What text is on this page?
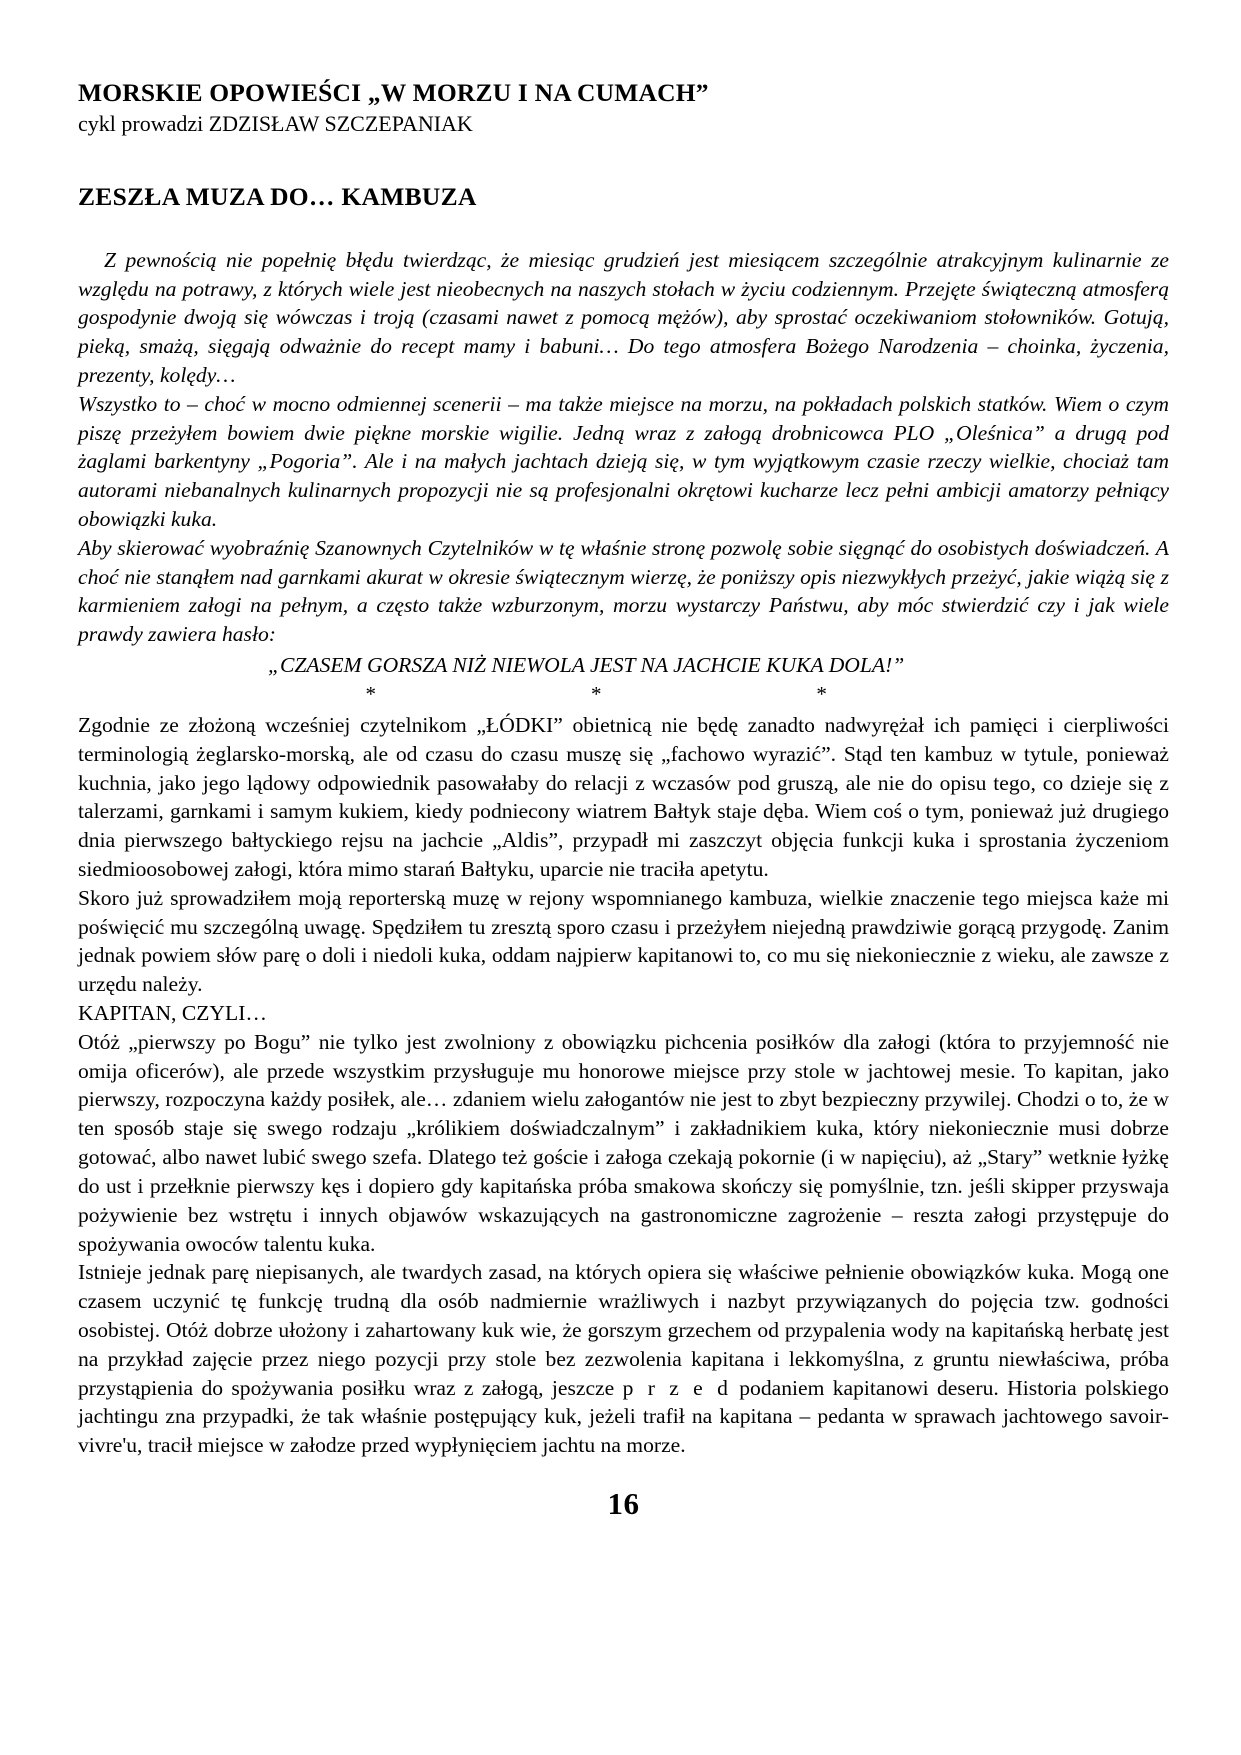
MORSKIE OPOWIEŚCI „W MORZU I NA CUMACH”
cykl prowadzi ZDZISŁAW SZCZEPANIAK
ZESZŁA MUZA DO… KAMBUZA

Z pewnością nie popełnię błędu twierdząc, że miesiąc grudzień jest miesiącem szczególnie atrakcyjnym kulinarnie ze względu na potrawy, z których wiele jest nieobecnych na naszych stołach w życiu codziennym. Przejęte świąteczną atmosferą gospodynie dwoją się wówczas i troją (czasami nawet z pomocą mężów), aby sprostać oczekiwaniom stołowników. Gotują, pieką, smażą, sięgają odważnie do recept mamy i babuni… Do tego atmosfera Bożego Narodzenia – choinka, życzenia, prezenty, kolędy…

Wszystko to – choć w mocno odmiennej scenerii – ma także miejsce na morzu, na pokładach polskich statków. Wiem o czym piszę przeżyłem bowiem dwie piękne morskie wigilie. Jedną wraz z załogą drobnicowca PLO „Oleśnica” a drugą pod żaglami barkentyny „Pogoria”. Ale i na małych jachtach dzieją się, w tym wyjątkowym czasie rzeczy wielkie, chociaż tam autorami niebanalnych kulinarnych propozycji nie są profesjonalni okrętowi kucharze lecz pełni ambicji amatorzy pełniący obowiązki kuka.

Aby skierować wyobraźnię Szanownych Czytelników w tę właśnie stronę pozwolę sobie sięgnąć do osobistych doświadczeń. A choć nie stanąłem nad garnkami akurat w okresie świątecznym wierzę, że poniższy opis niezwykłych przeżyć, jakie wiążą się z karmieniem załogi na pełnym, a często także wzburzonym, morzu wystarczy Państwu, aby móc stwierdzić czy i jak wiele prawdy zawiera hasło:

„CZASEM GORSZA NIŻ NIEWOLA JEST NA JACHCIE KUKA DOLA!”

*	*	*

Zgodnie ze złożoną wcześniej czytelnikom „ŁÓDKI” obietnicą nie będę zanadto nadwyrężał ich pamięci i cierpliwości terminologią żeglarsko-morską, ale od czasu do czasu muszę się „fachowo wyrazić”. Stąd ten kambuz w tytule, ponieważ kuchnia, jako jego lądowy odpowiednik pasowałaby do relacji z wczasów pod gruszą, ale nie do opisu tego, co dzieje się z talerzami, garnkami i samym kukiem, kiedy podniecony wiatrem Bałtyk staje dęba. Wiem coś o tym, ponieważ już drugiego dnia pierwszego bałtyckiego rejsu na jachcie „Aldis”, przypadł mi zaszczyt objęcia funkcji kuka i sprostania życzeniom siedmioosobowej załogi, która mimo starań Bałtyku, uparcie nie traciła apetytu.

Skoro już sprowadziłem moją reporterską muzę w rejony wspomnianego kambuza, wielkie znaczenie tego miejsca każe mi poświęcić mu szczególną uwagę. Spędziłem tu zresztą sporo czasu i przeżyłem niejedną prawdziwie gorącą przygodę. Zanim jednak powiem słów parę o doli i niedoli kuka, oddam najpierw kapitanowi to, co mu się niekoniecznie z wieku, ale zawsze z urzędu należy.

KAPITAN, CZYLI…

Otóż „pierwszy po Bogu” nie tylko jest zwolniony z obowiązku pichcenia posiłków dla załogi (która to przyjemność nie omija oficerów), ale przede wszystkim przysługuje mu honorowe miejsce przy stole w jachtowej mesie. To kapitan, jako pierwszy, rozpoczyna każdy posiłek, ale… zdaniem wielu załogantów nie jest to zbyt bezpieczny przywilej. Chodzi o to, że w ten sposób staje się swego rodzaju „królikiem doświadczalnym” i zakładnikiem kuka, który niekoniecznie musi dobrze gotować, albo nawet lubić swego szefa. Dlatego też goście i załoga czekają pokornie (i w napięciu), aż „Stary” wetknie łyżkę do ust i przełknie pierwszy kęs i dopiero gdy kapitańska próba smakowa skończy się pomyślnie, tzn. jeśli skipper przyswaja pożywienie bez wstrętu i innych objawów wskazujących na gastronomiczne zagrożenie – reszta załogi przystępuje do spożywania owoców talentu kuka.

Istnieje jednak parę niepisanych, ale twardych zasad, na których opiera się właściwe pełnienie obowiązków kuka. Mogą one czasem uczynić tę funkcję trudną dla osób nadmiernie wrażliwych i nazbyt przywiązanych do pojęcia tzw. godności osobistej. Otóż dobrze ułożony i zahartowany kuk wie, że gorszym grzechem od przypalenia wody na kapitańską herbatę jest na przykład zajęcie przez niego pozycji przy stole bez zezwolenia kapitana i lekkomyślna, z gruntu niewłaściwa, próba przystąpienia do spożywania posiłku wraz z załogą, jeszcze p r z e d podaniem kapitanowi deseru. Historia polskiego jachtingu zna przypadki, że tak właśnie postępujący kuk, jeżeli trafił na kapitana – pedanta w sprawach jachtowego savoir-vivre'u, tracił miejsce w załodze przed wypłynięciem jachtu na morze.

16
